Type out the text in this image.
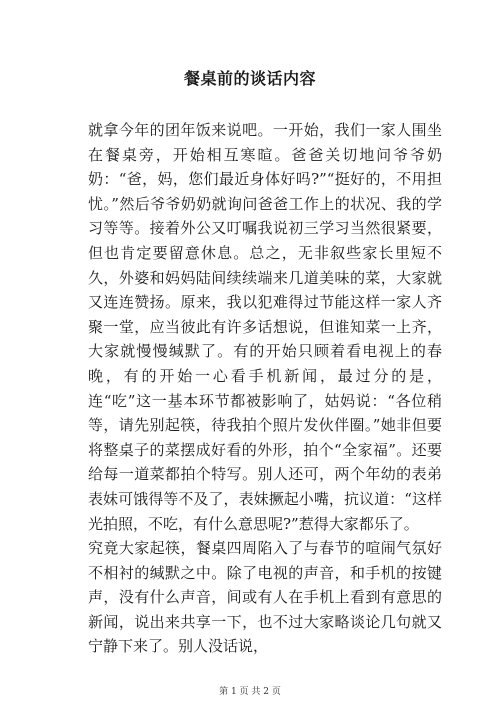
餐桌前的谈话内容

就拿今年的团年饭来说吧。一开始，我们一家人围坐在餐桌旁，开始相互寒暄。爸爸关切地问爷爷奶奶：“爸，妈，您们最近身体好吗?”“挺好的，不用担忧。”然后爷爷奶奶就询问爸爸工作上的状况、我的学习等等。接着外公又叮嘱我说初三学习当然很紧要，但也肯定要留意休息。总之，无非叙些家长里短不久，外婆和妈妈陆间续续端来几道美味的菜，大家就又连连赞扬。原来，我以犯难得过节能这样一家人齐聚一堂，应当彼此有许多话想说，但谁知菜一上齐，大家就慢慢缄默了。有的开始只顾着看电视上的春晚，有的开始一心看手机新闻，最过分的是，连“吃”这一基本环节都被影响了，姑妈说：“各位稍等，请先别起筷，待我拍个照片发伙伴圈。”她非但要将整桌子的菜摆成好看的外形，拍个“全家福”。还要给每一道菜都拍个特写。别人还可，两个年幼的表弟表妹可饿得等不及了，表妹撅起小嘴，抗议道：“这样光拍照，不吃，有什么意思呢?”惹得大家都乐了。

究竟大家起筷，餐桌四周陷入了与春节的喧闹气氛好不相衬的缄默之中。除了电视的声音，和手机的按键声，没有什么声音，间或有人在手机上看到有意思的新闻，说出来共享一下，也不过大家略谈论几句就又宁静下来了。别人没话说，

第 1 页 共 2 页
